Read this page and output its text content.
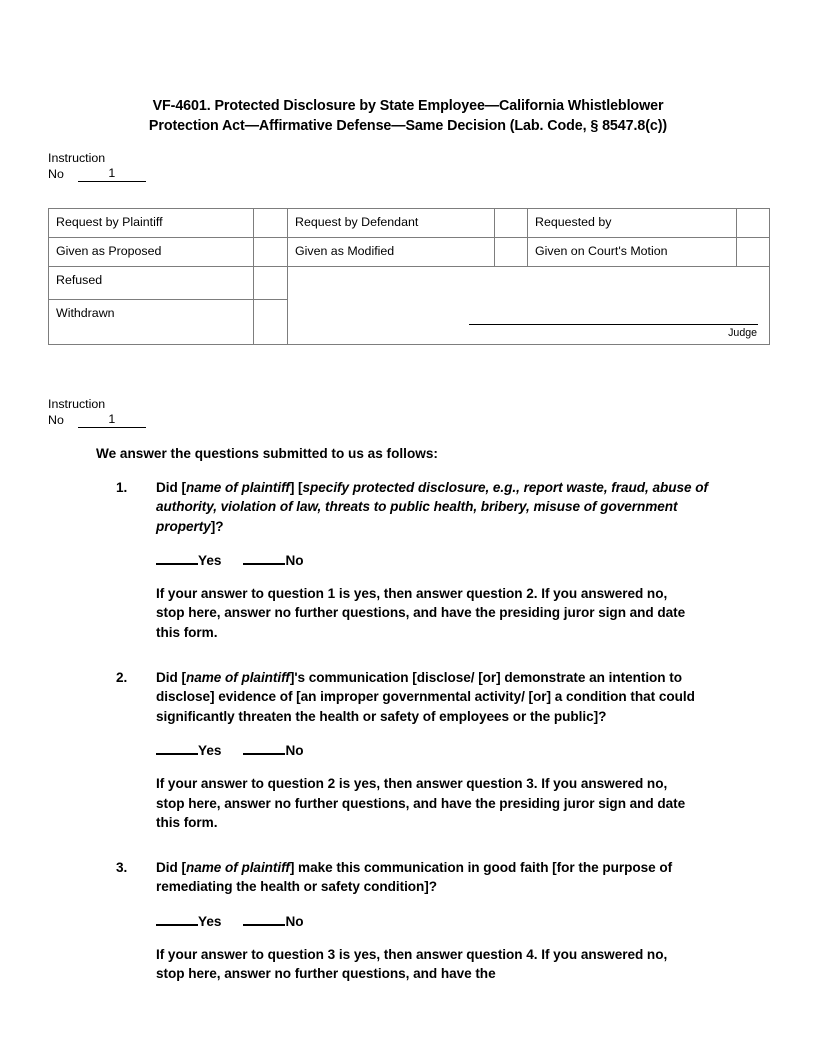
VF-4601. Protected Disclosure by State Employee—California Whistleblower
Protection Act—Affirmative Defense—Same Decision (Lab. Code, § 8547.8(c))
Instruction
No	1
Request by Plaintiff		Request by Defendant		Requested by	
Given as Proposed		Given as Modified		Given on Court's Motion	
Refused		Judge			

Withdrawn					
Instruction
No	1
We answer the questions submitted to us as follows:
1.	Did [name of plaintiff] [specify protected disclosure, e.g., report waste, fraud, abuse of authority, violation of law, threats to public health, bribery, misuse of government property]?
Yes	No
If your answer to question 1 is yes, then answer question 2. If you answered no, stop here, answer no further questions, and have the presiding juror sign and date this form.
2.	Did [name of plaintiff]'s communication [disclose/ [or] demonstrate an intention to disclose] evidence of [an improper governmental activity/ [or] a condition that could significantly threaten the health or safety of employees or the public]?
Yes	No
If your answer to question 2 is yes, then answer question 3. If you answered no, stop here, answer no further questions, and have the presiding juror sign and date this form.
3.	Did [name of plaintiff] make this communication in good faith [for the purpose of remediating the health or safety condition]?
Yes	No
If your answer to question 3 is yes, then answer question 4. If you answered no, stop here, answer no further questions, and have the
